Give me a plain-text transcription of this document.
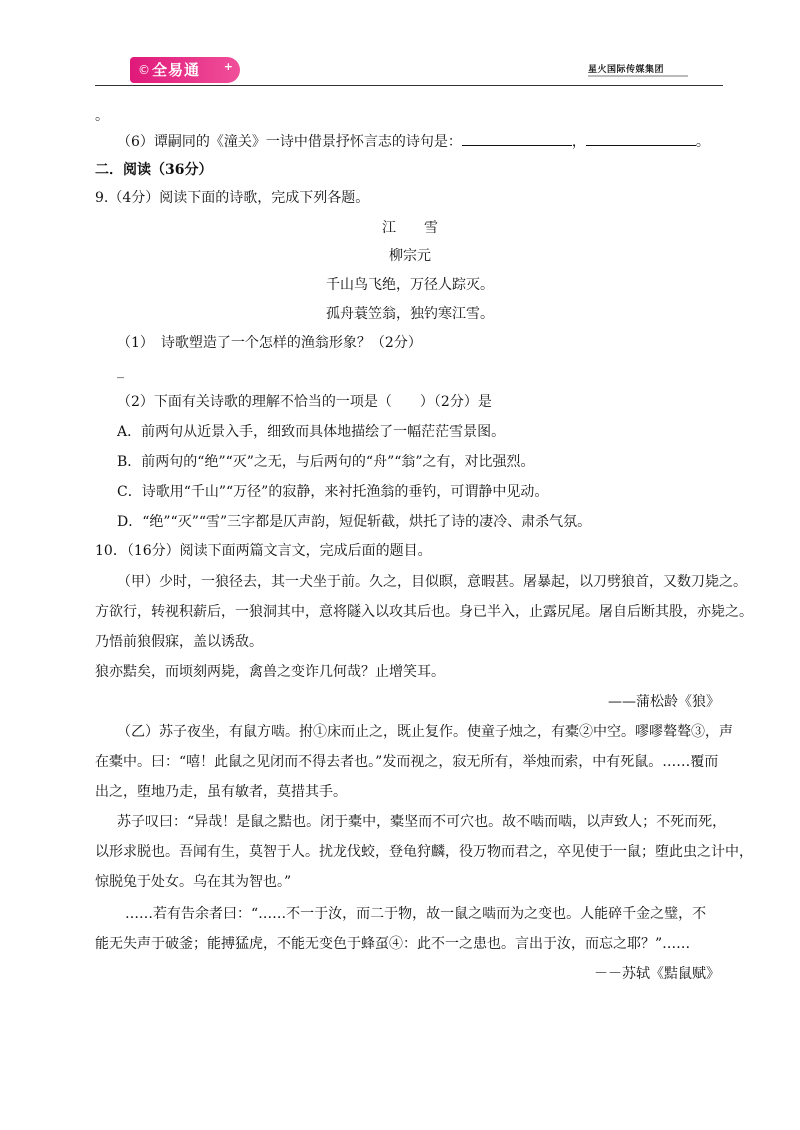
© 全易通 +	星火国际传媒集团
。
（6）谭嗣同的《潼关》一诗中借景抒怀言志的诗句是：	，	。
二．阅读（36分）
9.（4分）阅读下面的诗歌，完成下列各题。
江　　雪
柳宗元
千山鸟飞绝，万径人踪灭。
孤舟蓑笠翁，独钓寒江雪。
（1）　诗歌塑造了一个怎样的渔翁形象？（2分）
_
（2）下面有关诗歌的理解不恰当的一项是（　　）（2分）是
A．前两句从近景入手，细致而具体地描绘了一幅茫茫雪景图。
B．前两句的“绝”“灭”之无，与后两句的“舟”“翁”之有，对比强烈。
C．诗歌用“千山”“万径”的寂静，来衬托渔翁的垂钓，可谓静中见动。
D．“绝”“灭”“雪”三字都是仄声韵，短促斩截，烘托了诗的凄冷、肃杀气氛。
10．（16分）阅读下面两篇文言文，完成后面的题目。
（甲）少时，一狼径去，其一犬坐于前。久之，目似瞑，意暇甚。屠暴起，以刀劈狼首，又数刀毙之。
方欲行，转视积薪后，一狼洞其中，意将隧入以攻其后也。身已半入，止露尻尾。屠自后断其股，亦毙之。
乃悟前狼假寐，盖以诱敌。
狼亦黠矣，而顷刻两毙，禽兽之变诈几何哉？止增笑耳。
——蒲松龄《狼》
（乙）苏子夜坐，有鼠方啮。拊①床而止之，既止复作。使童子烛之，有橐②中空。嘐嘐聱聱③，声
在橐中。曰：“嘻！此鼠之见闭而不得去者也。”发而视之，寂无所有，举烛而索，中有死鼠。……覆而
出之，堕地乃走，虽有敏者，莫措其手。
苏子叹曰：“异哉！是鼠之黠也。闭于橐中，橐坚而不可穴也。故不啮而啮，以声致人；不死而死，
以形求脱也。吾闻有生，莫智于人。扰龙伐蛟，登龟狩麟，役万物而君之，卒见使于一鼠；堕此虫之计中，
惊脱兔于处女。乌在其为智也。”
……若有告余者曰：“……不一于汝，而二于物，故一鼠之啮而为之变也。人能碎千金之璧，不
能无失声于破釜；能搏猛虎，不能无变色于蜂虿④：此不一之患也。言出于汝，而忘之耶？”……
－－苏轼《黠鼠赋》
